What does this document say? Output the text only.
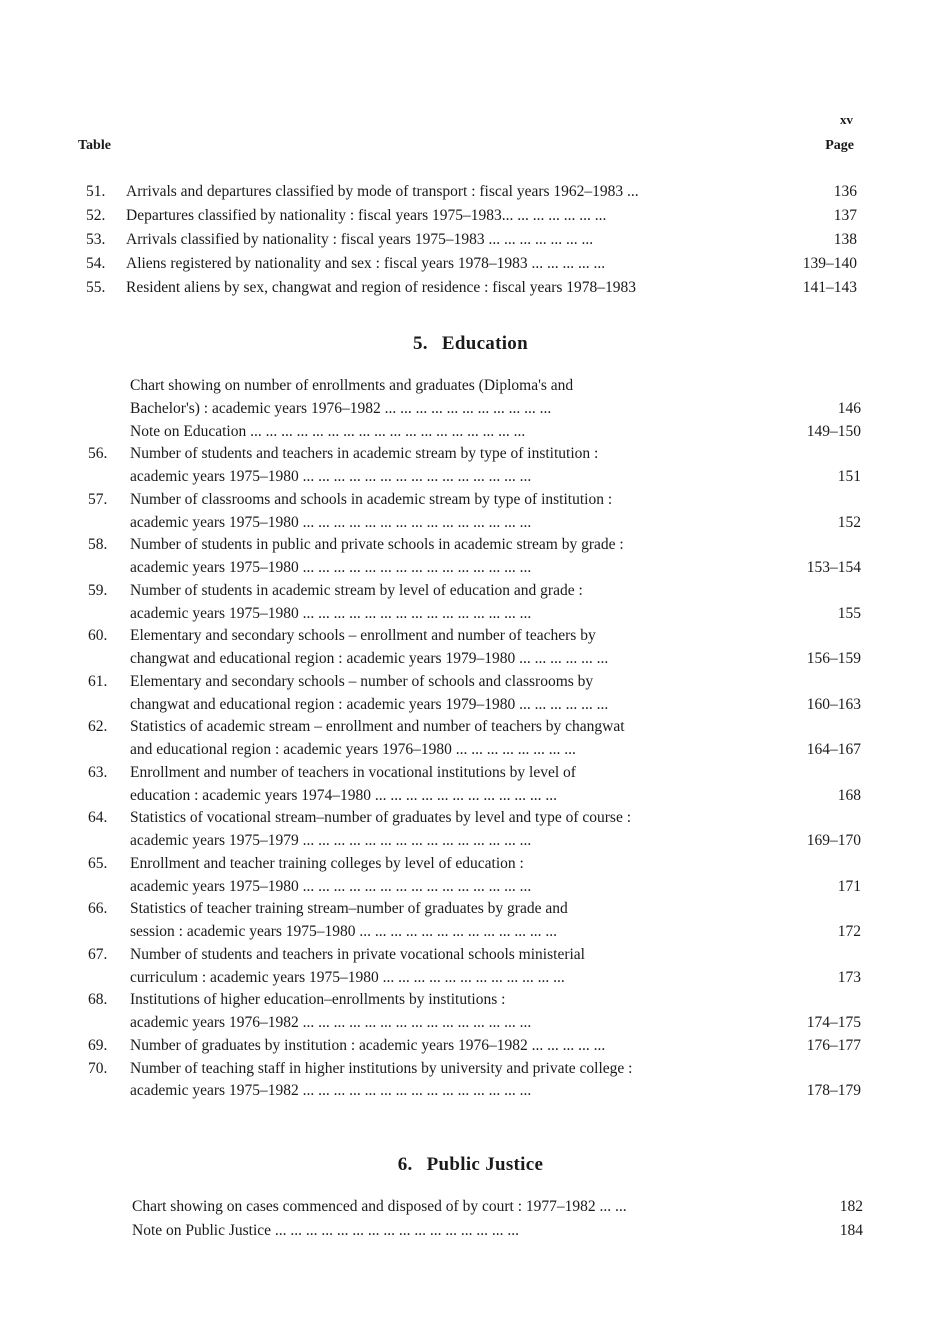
xv
Table	Page
51.	Arrivals and departures classified by mode of transport : fiscal years 1962–1983 ...	136
52.	Departures classified by nationality : fiscal years 1975–1983... ... ... ... ... ... ...	137
53.	Arrivals classified by nationality : fiscal years 1975–1983 ... ... ... ... ... ... ...	138
54.	Aliens registered by nationality and sex : fiscal years 1978–1983 ... ... ... ... ...	139–140
55.	Resident aliens by sex, changwat and region of residence : fiscal years 1978–1983	141–143
5. Education
Chart showing on number of enrollments and graduates (Diploma's and
Bachelor's) : academic years 1976–1982 ... ... ... ... ... ... ... ... ... ... ...	146
Note on Education ... ... ... ... ... ... ... ... ... ... ... ... ... ... ... ... ... ...	149–150
56.	Number of students and teachers in academic stream by type of institution :
academic years 1975–1980 ... ... ... ... ... ... ... ... ... ... ... ... ... ... ...	151
57.	Number of classrooms and schools in academic stream by type of institution :
academic years 1975–1980 ... ... ... ... ... ... ... ... ... ... ... ... ... ... ...	152
58.	Number of students in public and private schools in academic stream by grade :
academic years 1975–1980 ... ... ... ... ... ... ... ... ... ... ... ... ... ... ...	153–154
59.	Number of students in academic stream by level of education and grade :
academic years 1975–1980 ... ... ... ... ... ... ... ... ... ... ... ... ... ... ...	155
60.	Elementary and secondary schools – enrollment and number of teachers by
changwat and educational region : academic years 1979–1980 ... ... ... ... ... ...	156–159
61.	Elementary and secondary schools – number of schools and classrooms by
changwat and educational region : academic years 1979–1980 ... ... ... ... ... ...	160–163
62.	Statistics of academic stream – enrollment and number of teachers by changwat
and educational region : academic years 1976–1980 ... ... ... ... ... ... ... ...	164–167
63.	Enrollment and number of teachers in vocational institutions by level of
education : academic years 1974–1980 ... ... ... ... ... ... ... ... ... ... ... ...	168
64.	Statistics of vocational stream–number of graduates by level and type of course :
academic years 1975–1979 ... ... ... ... ... ... ... ... ... ... ... ... ... ... ...	169–170
65.	Enrollment and teacher training colleges by level of education :
academic years 1975–1980 ... ... ... ... ... ... ... ... ... ... ... ... ... ... ...	171
66.	Statistics of teacher training stream–number of graduates by grade and
session : academic years 1975–1980 ... ... ... ... ... ... ... ... ... ... ... ... ...	172
67.	Number of students and teachers in private vocational schools ministerial
curriculum : academic years 1975–1980 ... ... ... ... ... ... ... ... ... ... ... ...	173
68.	Institutions of higher education–enrollments by institutions :
academic years 1976–1982 ... ... ... ... ... ... ... ... ... ... ... ... ... ... ...	174–175
69.	Number of graduates by institution : academic years 1976–1982 ... ... ... ... ...	176–177
70.	Number of teaching staff in higher institutions by university and private college :
academic years 1975–1982 ... ... ... ... ... ... ... ... ... ... ... ... ... ... ...	178–179
6. Public Justice
Chart showing on cases commenced and disposed of by court : 1977–1982 ... ...	182
Note on Public Justice ... ... ... ... ... ... ... ... ... ... ... ... ... ... ... ...	184
